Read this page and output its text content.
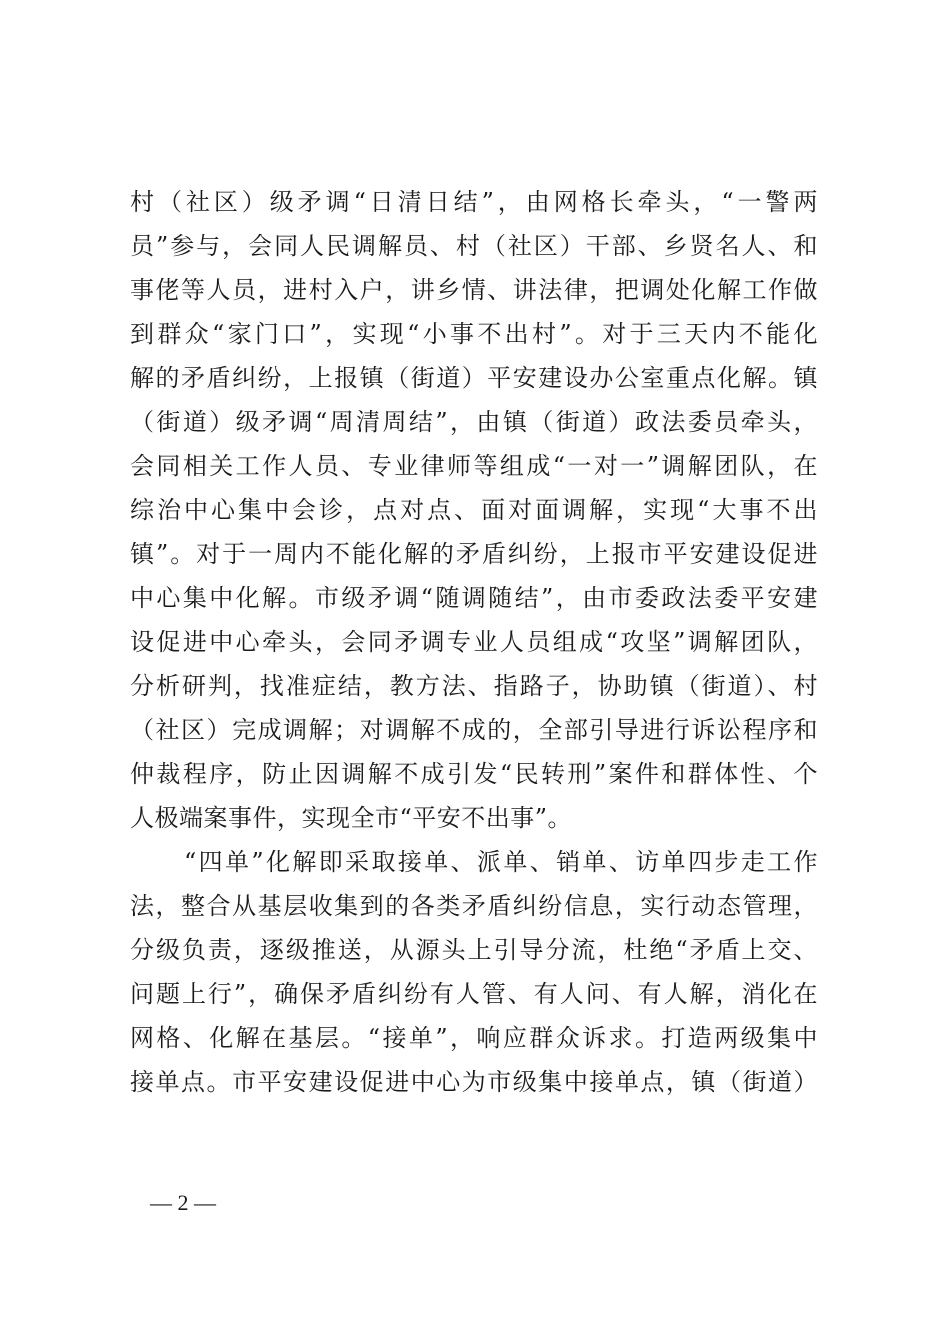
村（社区）级矛调“日清日结”，由网格长牵头，“一警两
员”参与，会同人民调解员、村（社区）干部、乡贤名人、和
事佬等人员，进村入户，讲乡情、讲法律，把调处化解工作做
到群众“家门口”，实现“小事不出村”。对于三天内不能化
解的矛盾纠纷，上报镇（街道）平安建设办公室重点化解。镇
（街道）级矛调“周清周结”，由镇（街道）政法委员牵头，
会同相关工作人员、专业律师等组成“一对一”调解团队，在
综治中心集中会诊，点对点、面对面调解，实现“大事不出
镇”。对于一周内不能化解的矛盾纠纷，上报市平安建设促进
中心集中化解。市级矛调“随调随结”，由市委政法委平安建
设促进中心牵头，会同矛调专业人员组成“攻坚”调解团队，
分析研判，找准症结，教方法、指路子，协助镇（街道）、村
（社区）完成调解；对调解不成的，全部引导进行诉讼程序和
仲裁程序，防止因调解不成引发“民转刑”案件和群体性、个
人极端案事件，实现全市“平安不出事”。
“四单”化解即采取接单、派单、销单、访单四步走工作
法，整合从基层收集到的各类矛盾纠纷信息，实行动态管理，
分级负责，逐级推送，从源头上引导分流，杜绝“矛盾上交、
问题上行”，确保矛盾纠纷有人管、有人问、有人解，消化在
网格、化解在基层。“接单”，响应群众诉求。打造两级集中
接单点。市平安建设促进中心为市级集中接单点，镇（街道）
— 2 —
